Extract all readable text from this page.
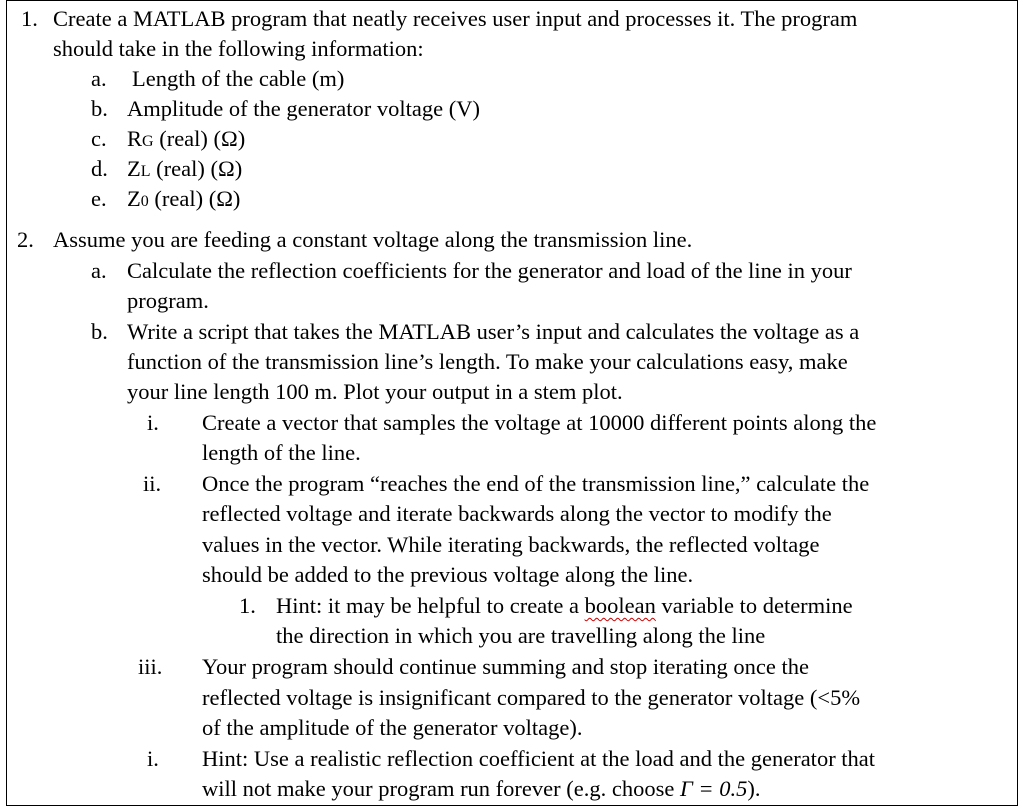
1. Create a MATLAB program that neatly receives user input and processes it. The program
should take in the following information:
a. Length of the cable (m)
b. Amplitude of the generator voltage (V)
c. RG (real) (Ω)
d. ZL (real) (Ω)
e. Z0 (real) (Ω)
2. Assume you are feeding a constant voltage along the transmission line.
a. Calculate the reflection coefficients for the generator and load of the line in your
program.
b. Write a script that takes the MATLAB user’s input and calculates the voltage as a
function of the transmission line’s length. To make your calculations easy, make
your line length 100 m. Plot your output in a stem plot.
i. Create a vector that samples the voltage at 10000 different points along the
length of the line.
ii. Once the program “reaches the end of the transmission line,” calculate the
reflected voltage and iterate backwards along the vector to modify the
values in the vector. While iterating backwards, the reflected voltage
should be added to the previous voltage along the line.
1. Hint: it may be helpful to create a boolean variable to determine
the direction in which you are travelling along the line
iii. Your program should continue summing and stop iterating once the
reflected voltage is insignificant compared to the generator voltage (<5%
of the amplitude of the generator voltage).
i. Hint: Use a realistic reflection coefficient at the load and the generator that
will not make your program run forever (e.g. choose Γ = 0.5).
